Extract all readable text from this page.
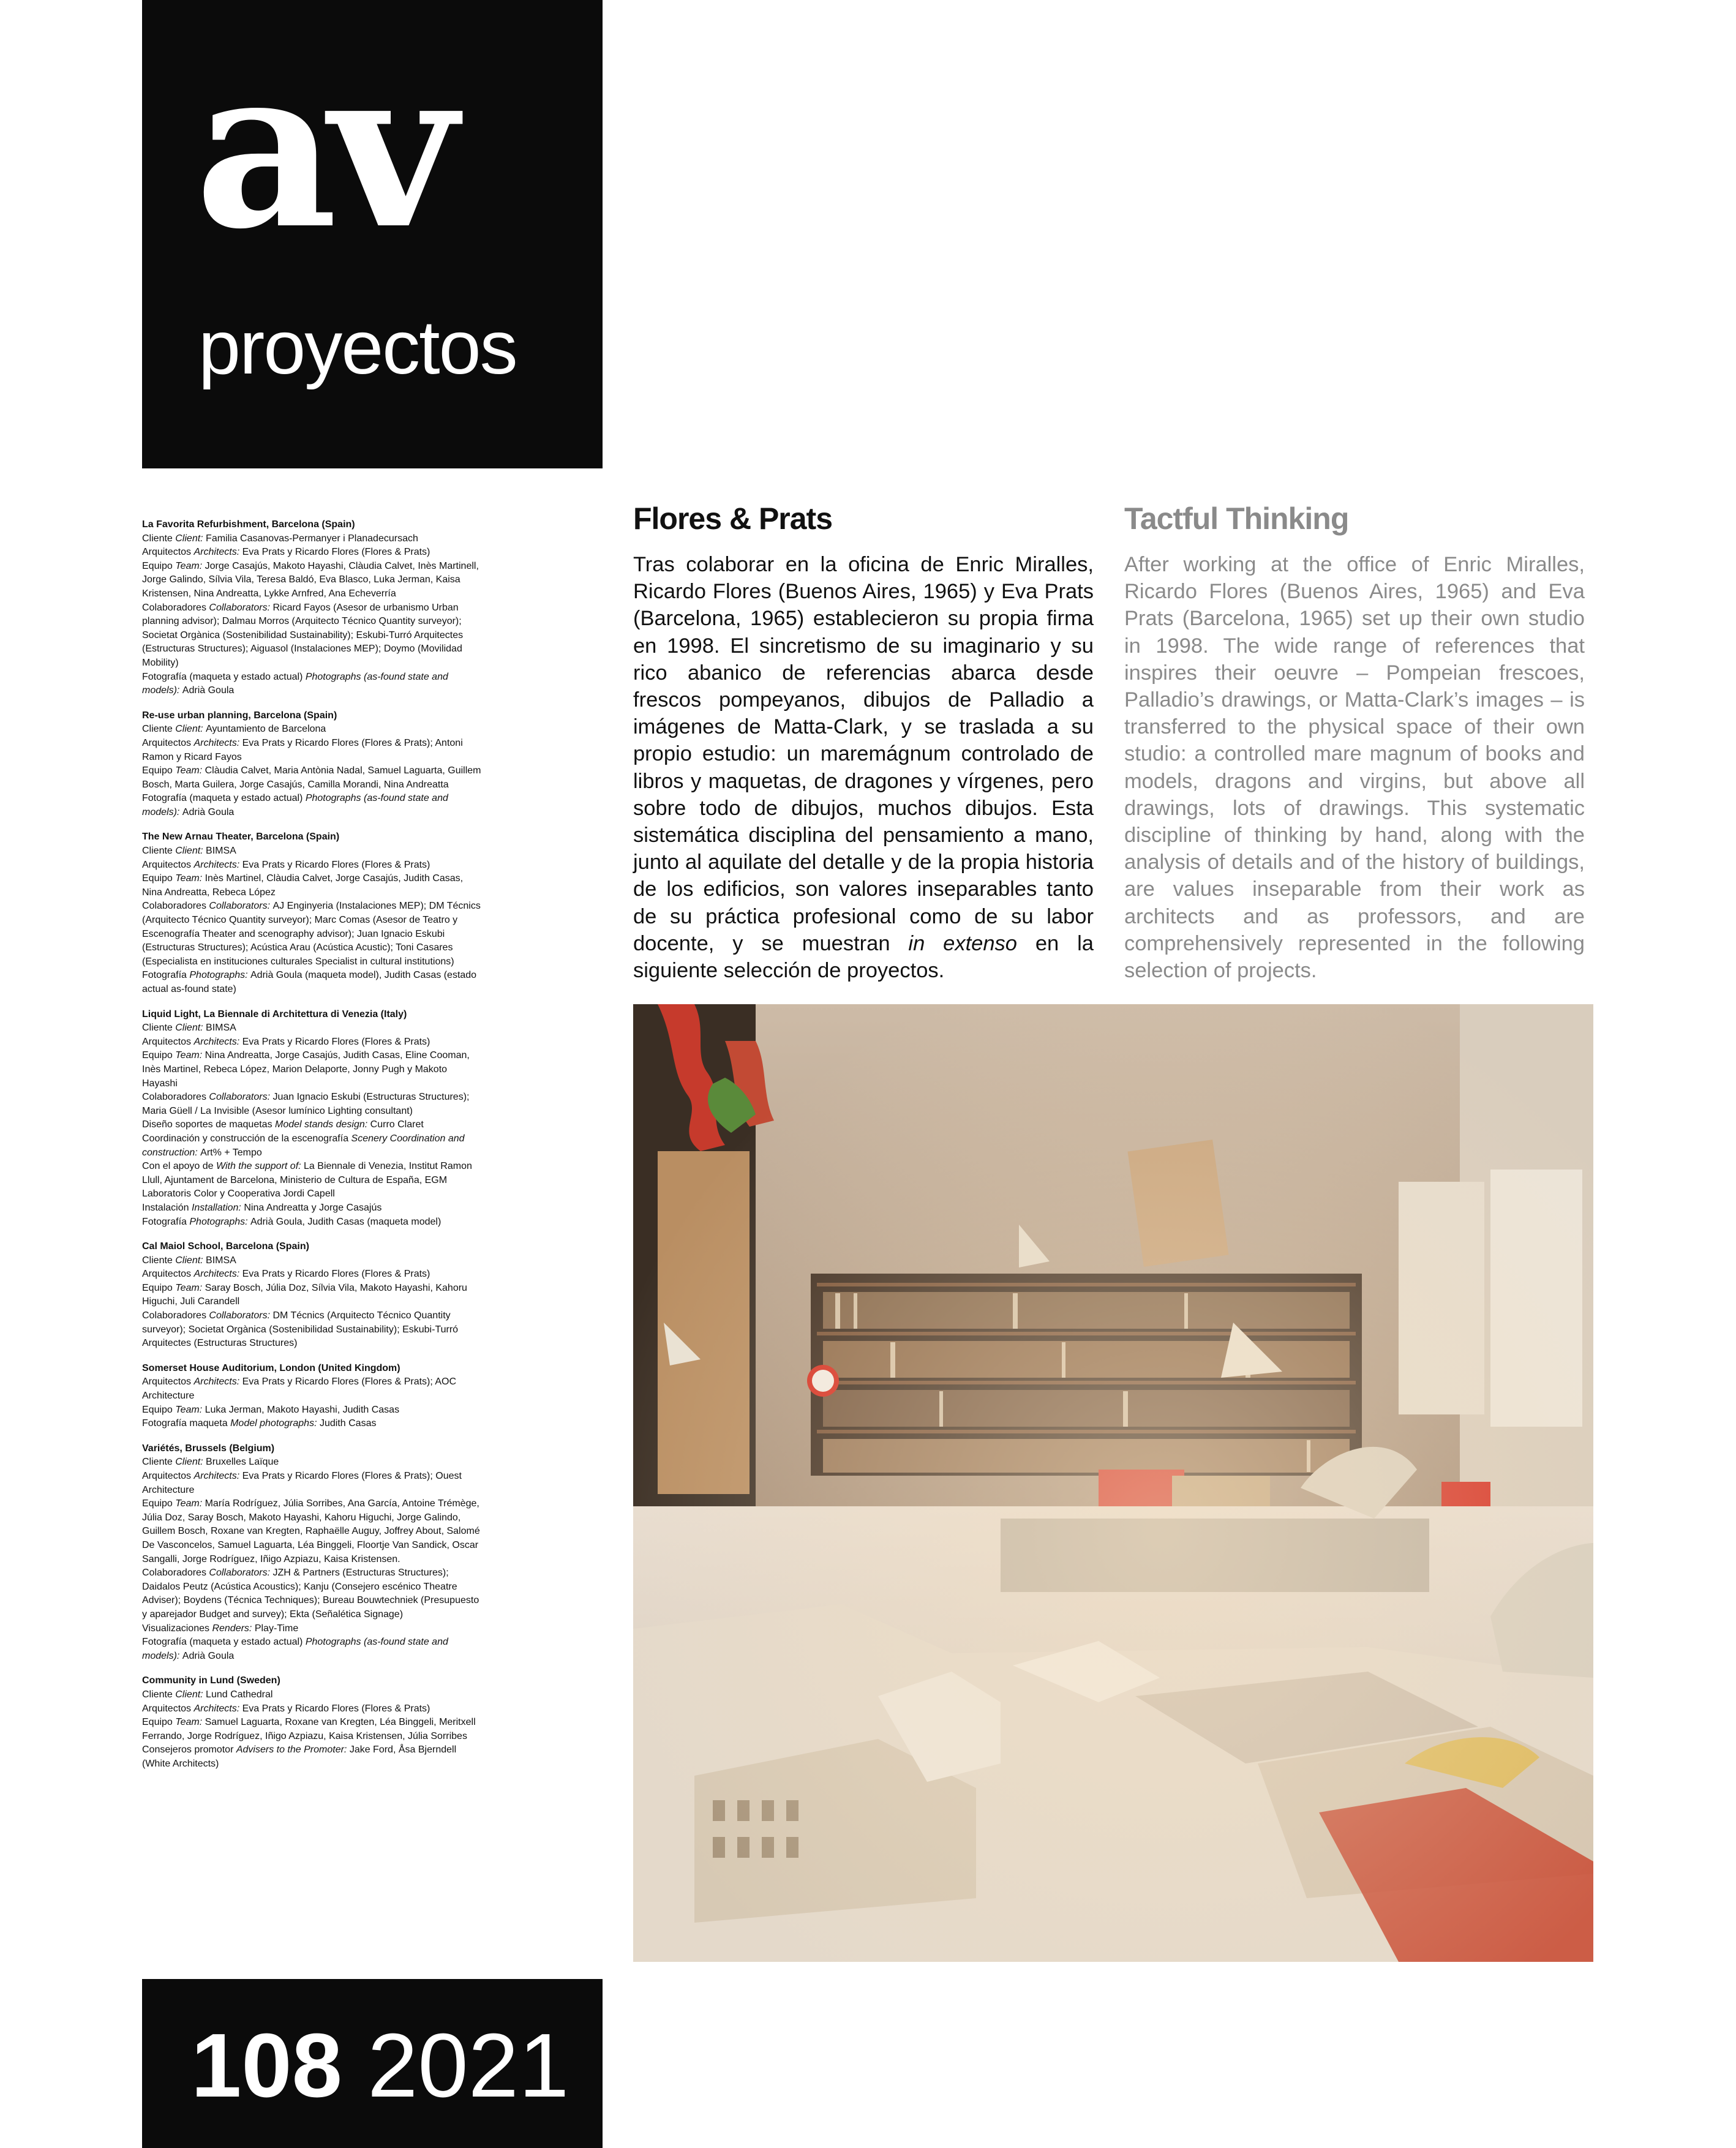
av
proyectos
La Favorita Refurbishment, Barcelona (Spain)
Cliente Client: Familia Casanovas-Permanyer i Planadecursach
Arquitectos Architects: Eva Prats y Ricardo Flores (Flores & Prats)
Equipo Team: Jorge Casajús, Makoto Hayashi, Clàudia Calvet, Inès Martinell, Jorge Galindo, Sílvia Vila, Teresa Baldó, Eva Blasco, Luka Jerman, Kaisa Kristensen, Nina Andreatta, Lykke Arnfred, Ana Echeverría
Colaboradores Collaborators: Ricard Fayos (Asesor de urbanismo Urban planning advisor); Dalmau Morros (Arquitecto Técnico Quantity surveyor); Societat Orgànica (Sostenibilidad Sustainability); Eskubi-Turró Arquitectes (Estructuras Structures); Aiguasol (Instalaciones MEP); Doymo (Movilidad Mobility)
Fotografía (maqueta y estado actual) Photographs (as-found state and models): Adrià Goula
Re-use urban planning, Barcelona (Spain)
Cliente Client: Ayuntamiento de Barcelona
Arquitectos Architects: Eva Prats y Ricardo Flores (Flores & Prats); Antoni Ramon y Ricard Fayos
Equipo Team: Clàudia Calvet, Maria Antònia Nadal, Samuel Laguarta, Guillem Bosch, Marta Guilera, Jorge Casajús, Camilla Morandi, Nina Andreatta
Fotografía (maqueta y estado actual) Photographs (as-found state and models): Adrià Goula
The New Arnau Theater, Barcelona (Spain)
Cliente Client: BIMSA
Arquitectos Architects: Eva Prats y Ricardo Flores (Flores & Prats)
Equipo Team: Inès Martinel, Clàudia Calvet, Jorge Casajús, Judith Casas, Nina Andreatta, Rebeca López
Colaboradores Collaborators: AJ Enginyeria (Instalaciones MEP); DM Técnics (Arquitecto Técnico Quantity surveyor); Marc Comas (Asesor de Teatro y Escenografía Theater and scenography advisor); Juan Ignacio Eskubi (Estructuras Structures); Acústica Arau (Acústica Acustic); Toni Casares (Especialista en instituciones culturales Specialist in cultural institutions)
Fotografía Photographs: Adrià Goula (maqueta model), Judith Casas (estado actual as-found state)
Liquid Light, La Biennale di Architettura di Venezia (Italy)
Cliente Client: BIMSA
Arquitectos Architects: Eva Prats y Ricardo Flores (Flores & Prats)
Equipo Team: Nina Andreatta, Jorge Casajús, Judith Casas, Eline Cooman, Inès Martinel, Rebeca López, Marion Delaporte, Jonny Pugh y Makoto Hayashi
Colaboradores Collaborators: Juan Ignacio Eskubi (Estructuras Structures); Maria Güell / La Invisible (Asesor lumínico Lighting consultant)
Diseño soportes de maquetas Model stands design: Curro Claret
Coordinación y construcción de la escenografía Scenery Coordination and construction: Art% + Tempo
Con el apoyo de With the support of: La Biennale di Venezia, Institut Ramon Llull, Ajuntament de Barcelona, Ministerio de Cultura de España, EGM Laboratoris Color y Cooperativa Jordi Capell
Instalación Installation: Nina Andreatta y Jorge Casajús
Fotografía Photographs: Adrià Goula, Judith Casas (maqueta model)
Cal Maiol School, Barcelona (Spain)
Cliente Client: BIMSA
Arquitectos Architects: Eva Prats y Ricardo Flores (Flores & Prats)
Equipo Team: Saray Bosch, Júlia Doz, Sílvia Vila, Makoto Hayashi, Kahoru Higuchi, Juli Carandell
Colaboradores Collaborators: DM Técnics (Arquitecto Técnico Quantity surveyor); Societat Orgànica (Sostenibilidad Sustainability); Eskubi-Turró Arquitectes (Estructuras Structures)
Somerset House Auditorium, London (United Kingdom)
Arquitectos Architects: Eva Prats y Ricardo Flores (Flores & Prats); AOC Architecture
Equipo Team: Luka Jerman, Makoto Hayashi, Judith Casas
Fotografía maqueta Model photographs: Judith Casas
Variétés, Brussels (Belgium)
Cliente Client: Bruxelles Laïque
Arquitectos Architects: Eva Prats y Ricardo Flores (Flores & Prats); Ouest Architecture
Equipo Team: María Rodríguez, Júlia Sorribes, Ana García, Antoine Trémège, Júlia Doz, Saray Bosch, Makoto Hayashi, Kahoru Higuchi, Jorge Galindo, Guillem Bosch, Roxane van Kregten, Raphaëlle Auguy, Joffrey About, Salomé De Vasconcelos, Samuel Laguarta, Léa Binggeli, Floortje Van Sandick, Oscar Sangalli, Jorge Rodríguez, Iñigo Azpiazu, Kaisa Kristensen.
Colaboradores Collaborators: JZH & Partners (Estructuras Structures); Daidalos Peutz (Acústica Acoustics); Kanju (Consejero escénico Theatre Adviser); Boydens (Técnica Techniques); Bureau Bouwtechniek (Presupuesto y aparejador Budget and survey); Ekta (Señalética Signage)
Visualizaciones Renders: Play-Time
Fotografía (maqueta y estado actual) Photographs (as-found state and models): Adrià Goula
Community in Lund (Sweden)
Cliente Client: Lund Cathedral
Arquitectos Architects: Eva Prats y Ricardo Flores (Flores & Prats)
Equipo Team: Samuel Laguarta, Roxane van Kregten, Léa Binggeli, Meritxell Ferrando, Jorge Rodríguez, Iñigo Azpiazu, Kaisa Kristensen, Júlia Sorribes
Consejeros promotor Advisers to the Promoter: Jake Ford, Åsa Bjerndell (White Architects)
Flores & Prats	Tactful Thinking
Tras colaborar en la oficina de Enric Miralles, Ricardo Flores (Buenos Aires, 1965) y Eva Prats (Barcelona, 1965) establecieron su propia firma en 1998. El sincretismo de su imaginario y su rico abanico de referencias abarca desde frescos pompeyanos, dibujos de Palladio a imágenes de Matta-Clark, y se traslada a su propio estudio: un maremágnum controlado de libros y maquetas, de dragones y vírgenes, pero sobre todo de dibujos, muchos dibujos. Esta sistemática disciplina del pensamiento a mano, junto al aquilate del detalle y de la propia historia de los edificios, son valores inseparables tanto de su práctica profesional como de su labor docente, y se muestran in extenso en la siguiente selección de proyectos.
After working at the office of Enric Miralles, Ricardo Flores (Buenos Aires, 1965) and Eva Prats (Barcelona, 1965) set up their own studio in 1998. The wide range of references that inspires their oeuvre – Pompeian frescoes, Palladio’s drawings, or Matta-Clark’s images – is transferred to the physical space of their own studio: a controlled mare magnum of books and models, dragons and virgins, but above all drawings, lots of drawings. This systematic discipline of thinking by hand, along with the analysis of details and of the history of buildings, are values inseparable from their work as architects and as professors, and are comprehensively represented in the following selection of projects.
108 2021
